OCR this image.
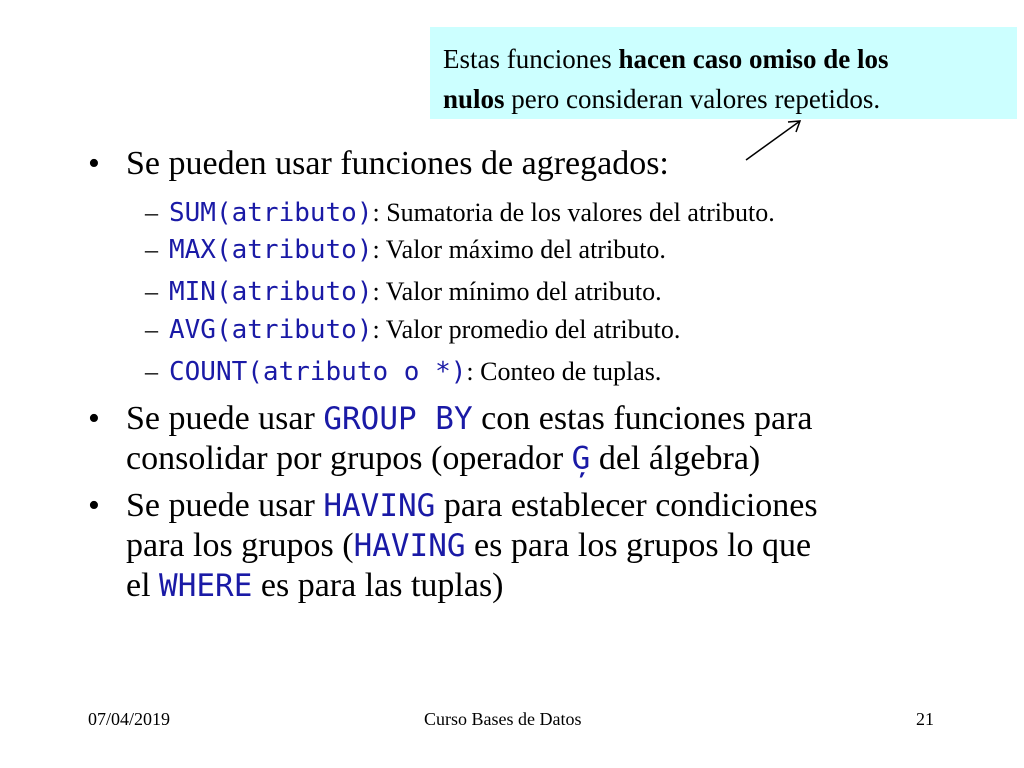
Estas funciones hacen caso omiso de los
nulos pero consideran valores repetidos.
• Se pueden usar funciones de agregados:
– SUM(atributo): Sumatoria de los valores del atributo.
– MAX(atributo): Valor máximo del atributo.
– MIN(atributo): Valor mínimo del atributo.
– AVG(atributo): Valor promedio del atributo.
– COUNT(atributo o *): Conteo de tuplas.
• Se puede usar GROUP BY con estas funciones para
consolidar por grupos (operador Ģ del álgebra)
• Se puede usar HAVING para establecer condiciones
para los grupos (HAVING es para los grupos lo que
el WHERE es para las tuplas)
07/04/2019	Curso Bases de Datos	21
